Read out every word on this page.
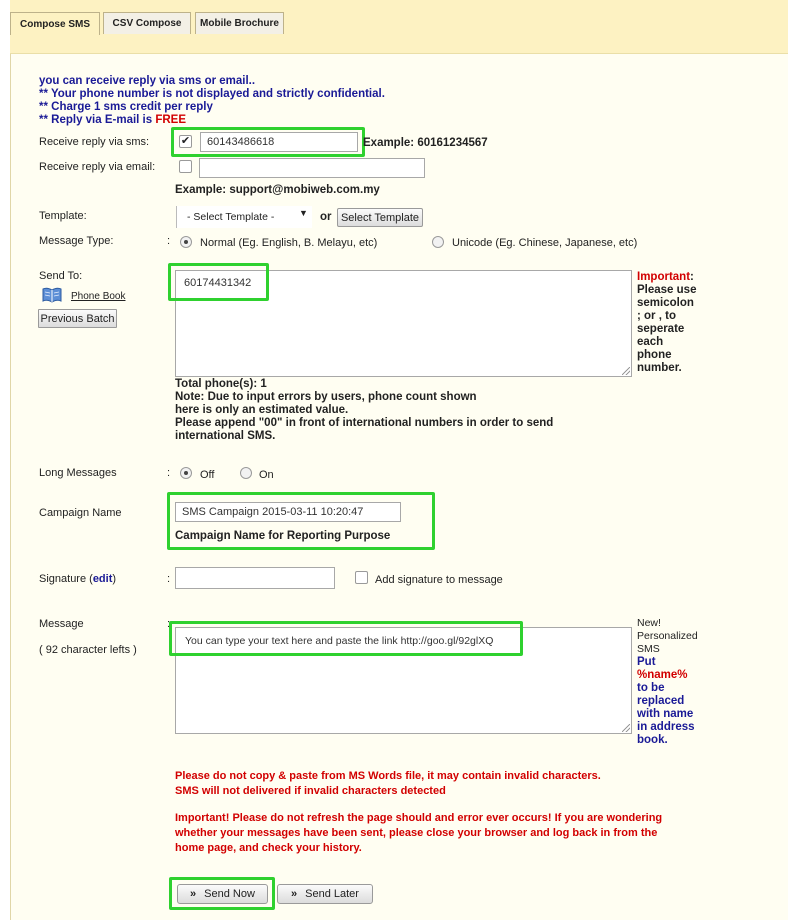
Compose SMS	CSV Compose	Mobile Brochure
you can receive reply via sms or email..
** Your phone number is not displayed and strictly confidential.
** Charge 1 sms credit per reply
** Reply via E-mail is FREE
Receive reply via sms:	✔	60143486618	Example: 60161234567
Receive reply via email:
Example: support@mobiweb.com.my
Template:	- Select Template -	▼ or Select Template
Message Type:	:	Normal (Eg. English, B. Melayu, etc)	Unicode (Eg. Chinese, Japanese, etc)
Send To:
Phone Book
Previous Batch
60174431342	Important:
Please use
semicolon
; or , to
seperate
each
phone
number.
Total phone(s): 1
Note: Due to input errors by users, phone count shown
here is only an estimated value.
Please append "00" in front of international numbers in order to send
international SMS.
Long Messages	:	Off	On
Campaign Name	SMS Campaign 2015-03-11 10:20:47
Campaign Name for Reporting Purpose
Signature (edit)	:	Add signature to message
Message	:
( 92 character lefts )
You can type your text here and paste the link http://goo.gl/92glXQ
New!
Personalized
SMS
Put
%name%
to be
replaced
with name
in address
book.
Please do not copy & paste from MS Words file, it may contain invalid characters.
SMS will not delivered if invalid characters detected
Important! Please do not refresh the page should and error ever occurs! If you are wondering
whether your messages have been sent, please close your browser and log back in from the
home page, and check your history.
» Send Now	» Send Later
